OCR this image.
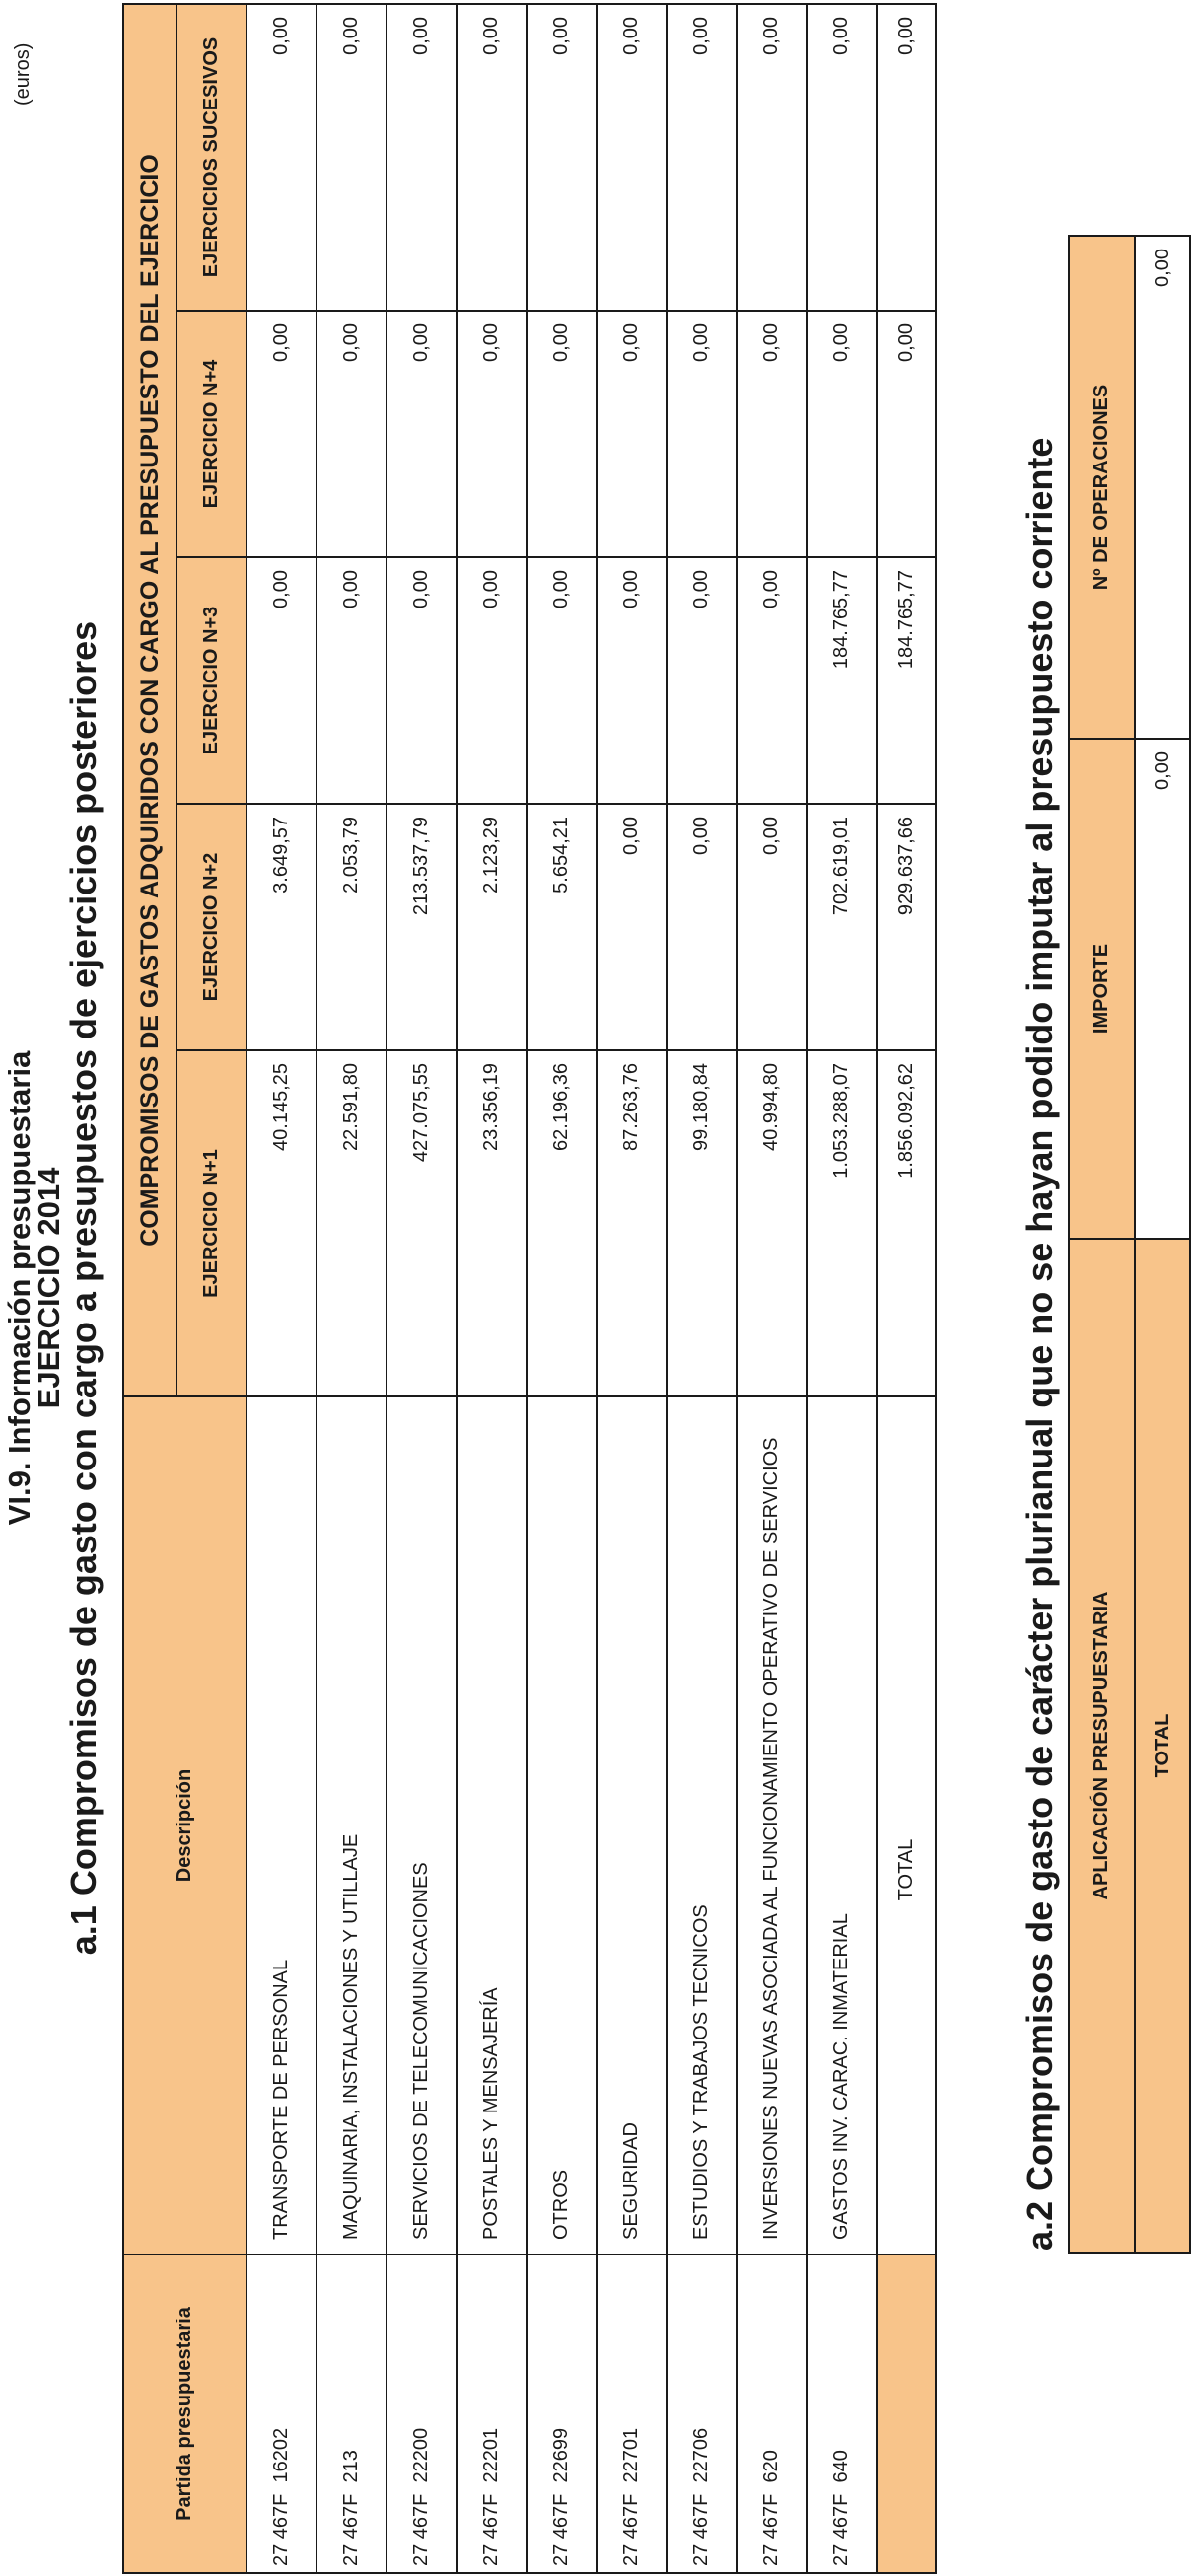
VI.9. Información presupuestaria
EJERCICIO 2014
a.1 Compromisos de gasto con cargo a presupuestos de ejercicios posteriores
(euros)
Partida presupuestaria	Descripción	COMPROMISOS DE GASTOS ADQUIRIDOS CON CARGO AL PRESUPUESTO DEL EJERCICIO				
		EJERCICIO N+1	EJERCICIO N+2	EJERCICIO N+3	EJERCICIO N+4	EJERCICIOS SUCESIVOS
27 467F  16202	TRANSPORTE DE PERSONAL	40.145,25	3.649,57	0,00	0,00	0,00
27 467F  213	MAQUINARIA, INSTALACIONES Y UTILLAJE	22.591,80	2.053,79	0,00	0,00	0,00
27 467F  22200	SERVICIOS DE TELECOMUNICACIONES	427.075,55	213.537,79	0,00	0,00	0,00
27 467F  22201	POSTALES Y MENSAJERÍA	23.356,19	2.123,29	0,00	0,00	0,00
27 467F  22699	OTROS	62.196,36	5.654,21	0,00	0,00	0,00
27 467F  22701	SEGURIDAD	87.263,76	0,00	0,00	0,00	0,00
27 467F  22706	ESTUDIOS Y TRABAJOS TECNICOS	99.180,84	0,00	0,00	0,00	0,00
27 467F  620	INVERSIONES NUEVAS ASOCIADA AL FUNCIONAMIENTO OPERATIVO DE SERVICIOS	40.994,80	0,00	0,00	0,00	0,00
27 467F  640	GASTOS INV. CARAC. INMATERIAL	1.053.288,07	702.619,01	184.765,77	0,00	0,00
	TOTAL	1.856.092,62	929.637,66	184.765,77	0,00	0,00
a.2 Compromisos de gasto de carácter plurianual que no se hayan podido imputar al presupuesto corriente APLICACIÓN PRESUPUESTARIA	IMPORTE	Nº DE OPERACIONES
TOTAL	0,00	0,00
